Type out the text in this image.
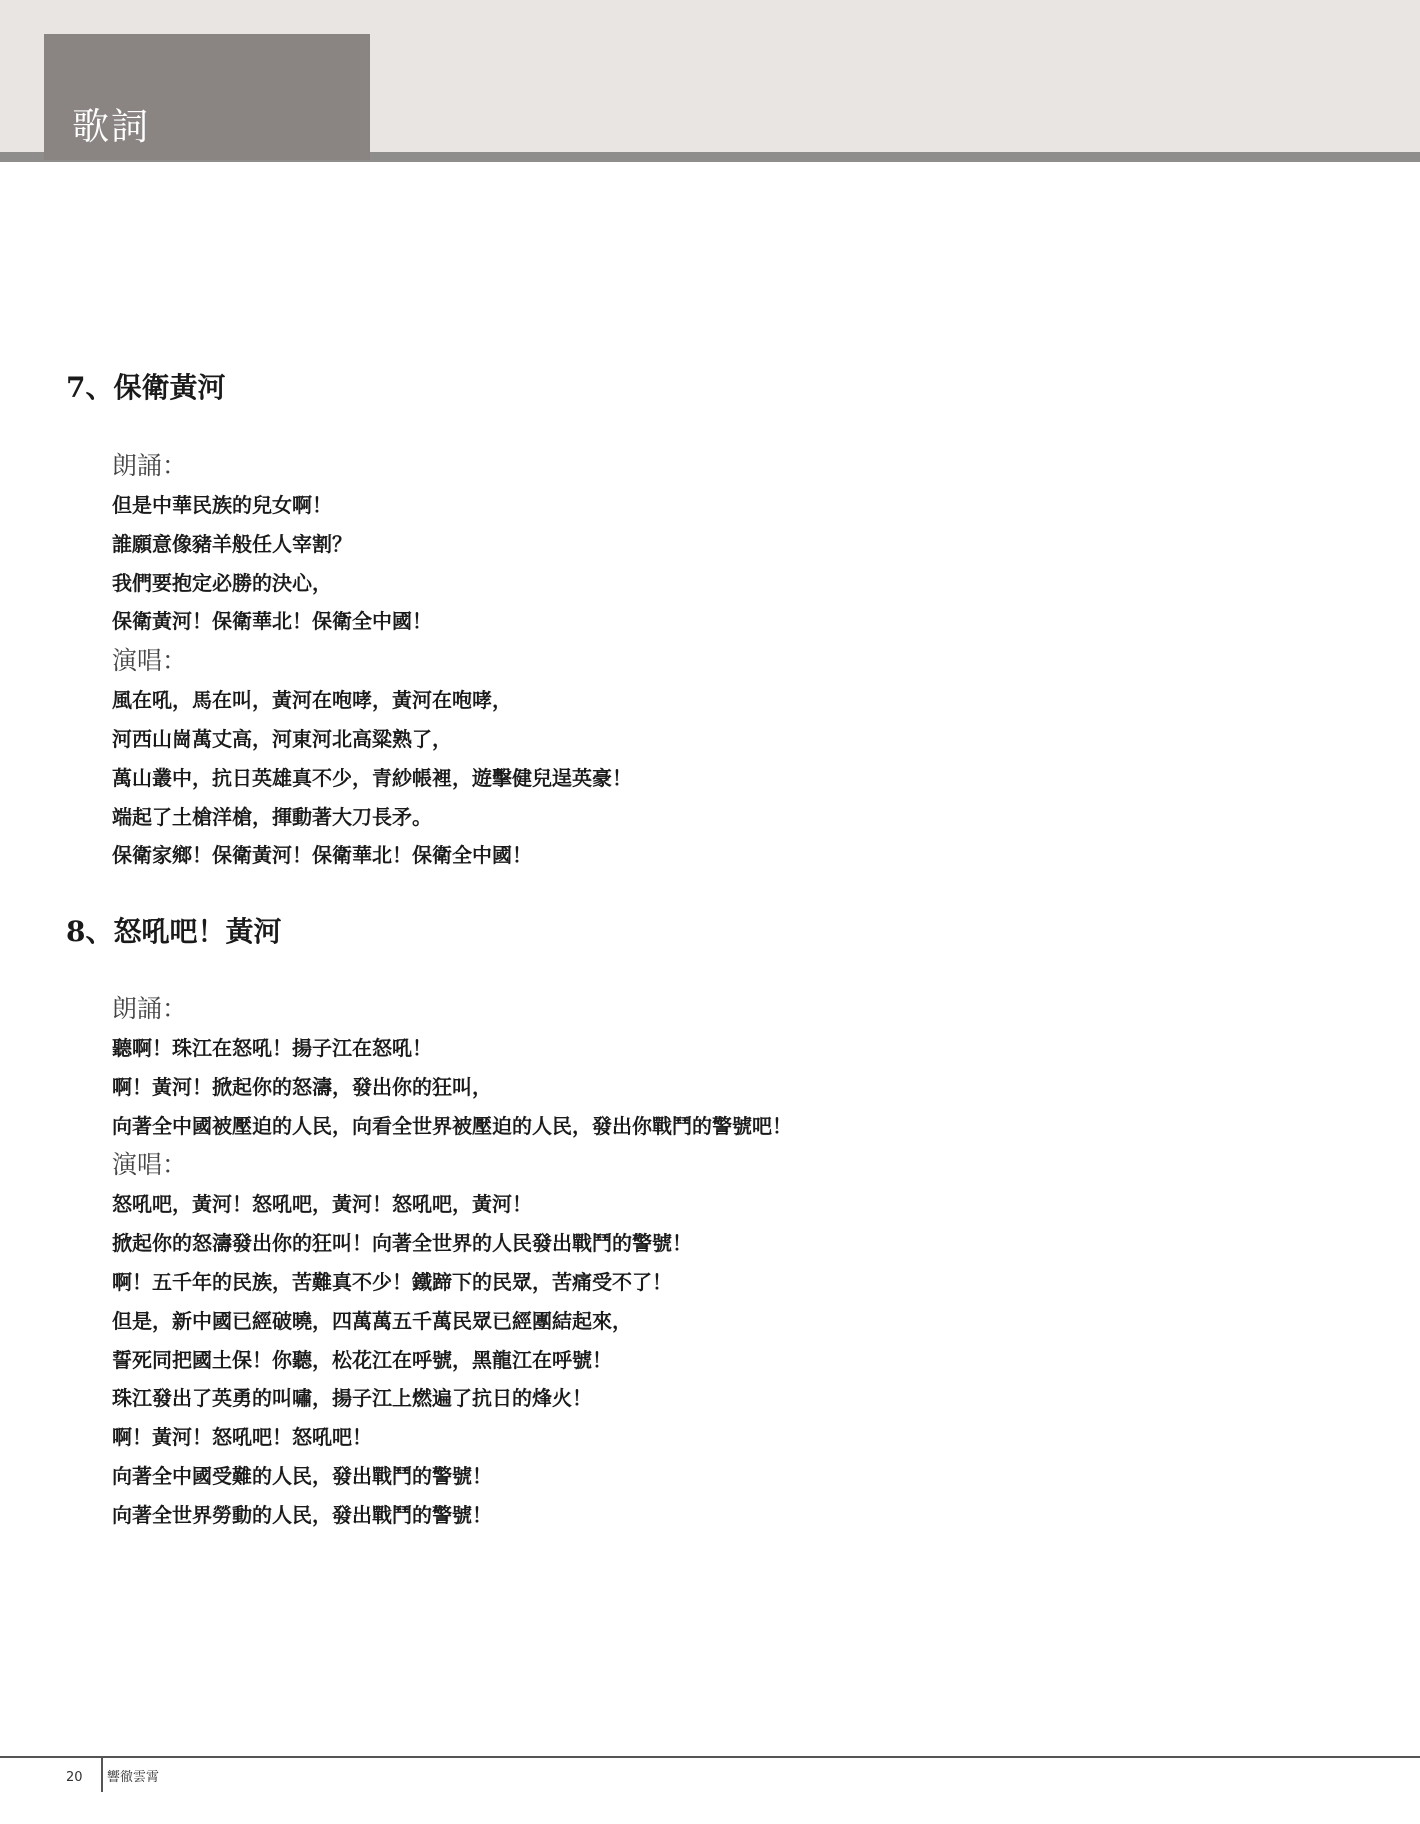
歌詞
7、保衛黃河
朗誦：
但是中華民族的兒女啊！
誰願意像豬羊般任人宰割？
我們要抱定必勝的決心，
保衛黃河！保衛華北！保衛全中國！
演唱：
風在吼，馬在叫，黃河在咆哮，黃河在咆哮，
河西山崗萬丈高，河東河北高粱熟了，
萬山叢中，抗日英雄真不少，青紗帳裡，遊擊健兒逞英豪！
端起了土槍洋槍，揮動著大刀長矛。
保衛家鄉！保衛黃河！保衛華北！保衛全中國！
8、怒吼吧！黃河
朗誦：
聽啊！珠江在怒吼！揚子江在怒吼！
啊！黃河！掀起你的怒濤，發出你的狂叫，
向著全中國被壓迫的人民，向看全世界被壓迫的人民，發出你戰鬥的警號吧！
演唱：
怒吼吧，黃河！怒吼吧，黃河！怒吼吧，黃河！
掀起你的怒濤發出你的狂叫！向著全世界的人民發出戰鬥的警號！
啊！五千年的民族，苦難真不少！鐵蹄下的民眾，苦痛受不了！
但是，新中國已經破曉，四萬萬五千萬民眾已經團結起來，
誓死同把國土保！你聽，松花江在呼號，黑龍江在呼號！
珠江發出了英勇的叫嘯，揚子江上燃遍了抗日的烽火！
啊！黃河！怒吼吧！怒吼吧！
向著全中國受難的人民，發出戰鬥的警號！
向著全世界勞動的人民，發出戰鬥的警號！
20 響徹雲霄
